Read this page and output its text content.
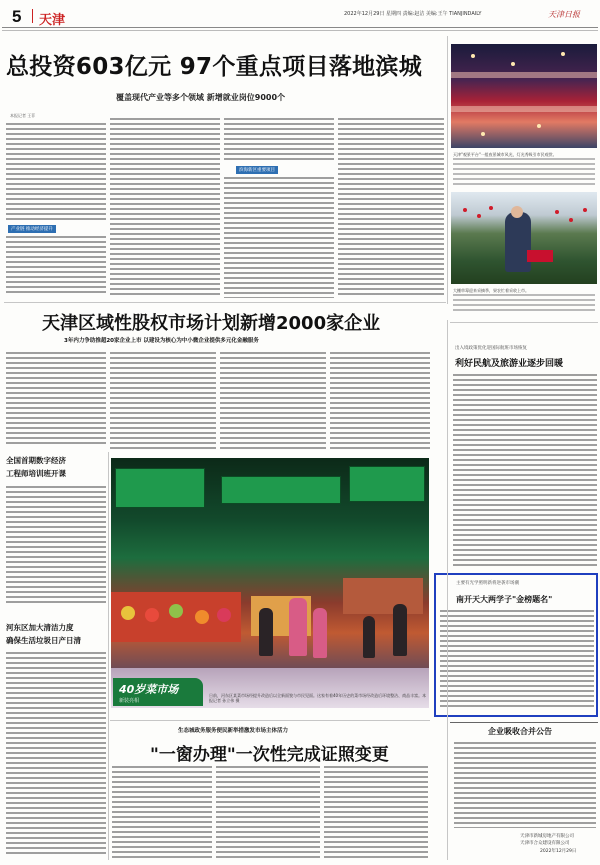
5 天津	2022年12月29日 星期四 责编:赵洁 美编:王午 TIANJINDAILY	天津日报
总投资603亿元 97个重点项目落地滨城
覆盖现代产业等多个领域 新增就业岗位9000个
本报记者 王菲
产业链 推动经济提升
滨海新区重要项目
天津"观景平台"一组夜景城市风光，灯光秀吸引市民观赏。
大棚草莓迎来采摘季，果农忙着采收上市。
天津区域性股权市场计划新增2000家企业
3年内力争助推超20家企业上市 以建设为核心为中小微企业提供多元化金融服务
出入境政策优化迎国际航班市场恢复
利好民航及旅游业逐步回暖
全国首期数字经济
工程师培训班开课
河东区加大清洁力度
确保生活垃圾日产日清
40岁菜市场
新装亮相
日前，河东区某菜市场经提升改造后以全新面貌与市民见面。这家有着40年历史的菜市场经改造后环境整洁、商品丰富。本报记者 孙立伟 摄
主要有光学照明新将逆袭市场潮
南开天大两学子"金榜题名"
生态城政务服务便民新举措激发市场主体活力
"一窗办理"一次性完成证照变更
企业吸收合并公告
天津市新城房地产有限公司
天津市合众建设有限公司
2022年12月29日
